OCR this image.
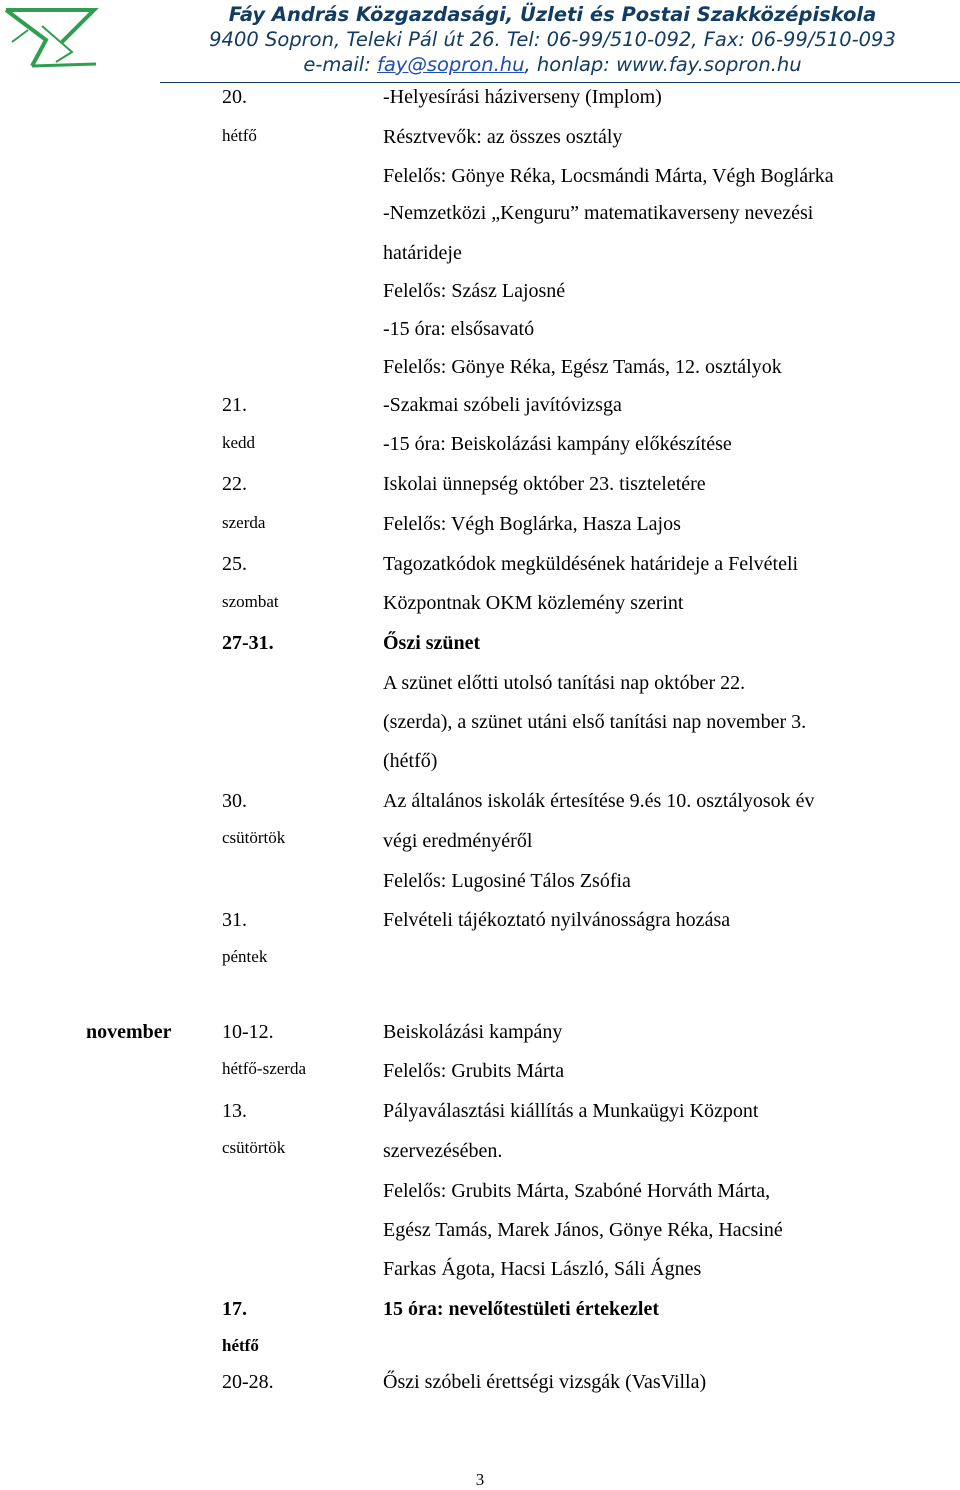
Fáy András Közgazdasági, Üzleti és Postai Szakközépiskola
9400 Sopron, Teleki Pál út 26. Tel: 06-99/510-092, Fax: 06-99/510-093
e-mail: fay@sopron.hu, honlap: www.fay.sopron.hu
20.	-Helyesírási háziverseny (Implom)
hétfő	Résztvevők: az összes osztály
Felelős: Gönye Réka, Locsmándi Márta, Végh Boglárka
-Nemzetközi „Kenguru” matematikaverseny nevezési
határideje
Felelős: Szász Lajosné
-15 óra: elsősavató
Felelős: Gönye Réka, Egész Tamás, 12. osztályok
21.	-Szakmai szóbeli javítóvizsga
kedd	-15 óra: Beiskolázási kampány előkészítése
22.	Iskolai ünnepség október 23. tiszteletére
szerda	Felelős: Végh Boglárka, Hasza Lajos
25.	Tagozatkódok megküldésének határideje a Felvételi
szombat	Központnak OKM közlemény szerint
27-31.	Őszi szünet
A szünet előtti utolsó tanítási nap október 22.
(szerda), a szünet utáni első tanítási nap november 3.
(hétfő)
30.	Az általános iskolák értesítése 9.és 10. osztályosok év
csütörtök	végi eredményéről
Felelős: Lugosiné Tálos Zsófia
31.	Felvételi tájékoztató nyilvánosságra hozása
péntek
november	10-12.	Beiskolázási kampány
hétfő-szerda	Felelős: Grubits Márta
13.	Pályaválasztási kiállítás a Munkaügyi Központ
csütörtök	szervezésében.
Felelős: Grubits Márta, Szabóné Horváth Márta,
Egész Tamás, Marek János, Gönye Réka, Hacsiné
Farkas Ágota, Hacsi László, Sáli Ágnes
17.	15 óra: nevelőtestületi értekezlet
hétfő
20-28.	Őszi szóbeli érettségi vizsgák (VasVilla)
3
